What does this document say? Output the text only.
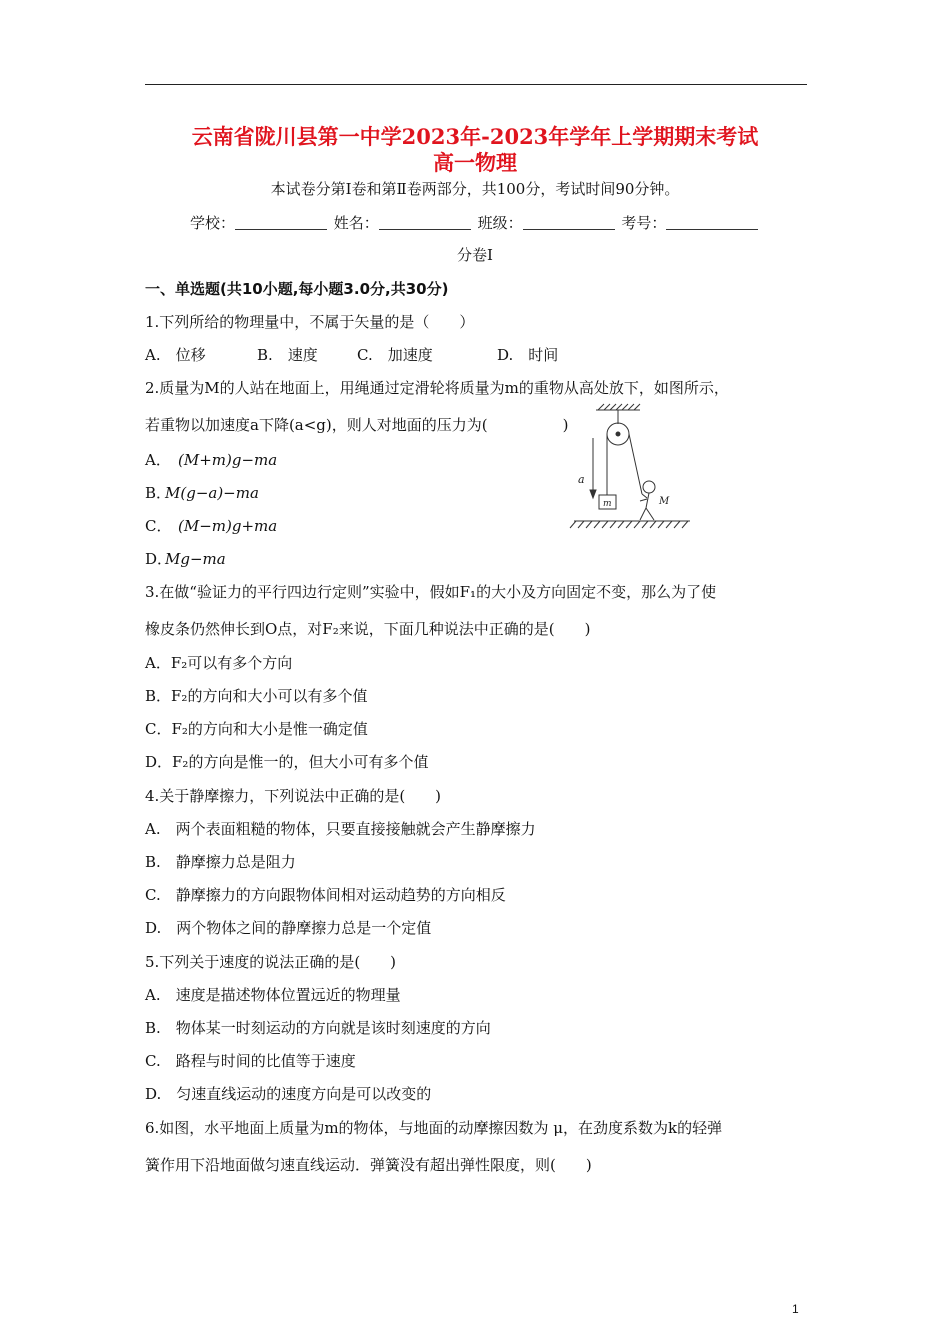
云南省陇川县第一中学2023年-2023年学年上学期期末考试
高一物理
本试卷分第Ⅰ卷和第Ⅱ卷两部分，共100分，考试时间90分钟。
学校：	姓名：	班级：	考号：
分卷I
一、单选题(共10小题,每小题3.0分,共30分)
1.下列所给的物理量中，不属于矢量的是（　　）
A.　位移	B.　速度	C.　加速度	D.　时间
2.质量为M的人站在地面上，用绳通过定滑轮将质量为m的重物从高处放下，如图所示，
若重物以加速度a下降(a<g)，则人对地面的压力为(　　　　　)
A． (M+m)g−ma
B．M(g−a)−ma
C． (M−m)g+ma
D．Mg−ma
a
m	M
3.在做“验证力的平行四边行定则”实验中，假如F₁的大小及方向固定不变，那么为了使
橡皮条仍然伸长到O点，对F₂来说，下面几种说法中正确的是(　　)
A．F₂可以有多个方向
B．F₂的方向和大小可以有多个值
C．F₂的方向和大小是惟一确定值
D．F₂的方向是惟一的，但大小可有多个值
4.关于静摩擦力，下列说法中正确的是(　　)
A.　两个表面粗糙的物体，只要直接接触就会产生静摩擦力
B.　静摩擦力总是阻力
C.　静摩擦力的方向跟物体间相对运动趋势的方向相反
D.　两个物体之间的静摩擦力总是一个定值
5.下列关于速度的说法正确的是(　　)
A.　速度是描述物体位置远近的物理量
B.　物体某一时刻运动的方向就是该时刻速度的方向
C.　路程与时间的比值等于速度
D.　匀速直线运动的速度方向是可以改变的
6.如图，水平地面上质量为m的物体，与地面的动摩擦因数为 μ，在劲度系数为k的轻弹
簧作用下沿地面做匀速直线运动．弹簧没有超出弹性限度，则(　　)
1
